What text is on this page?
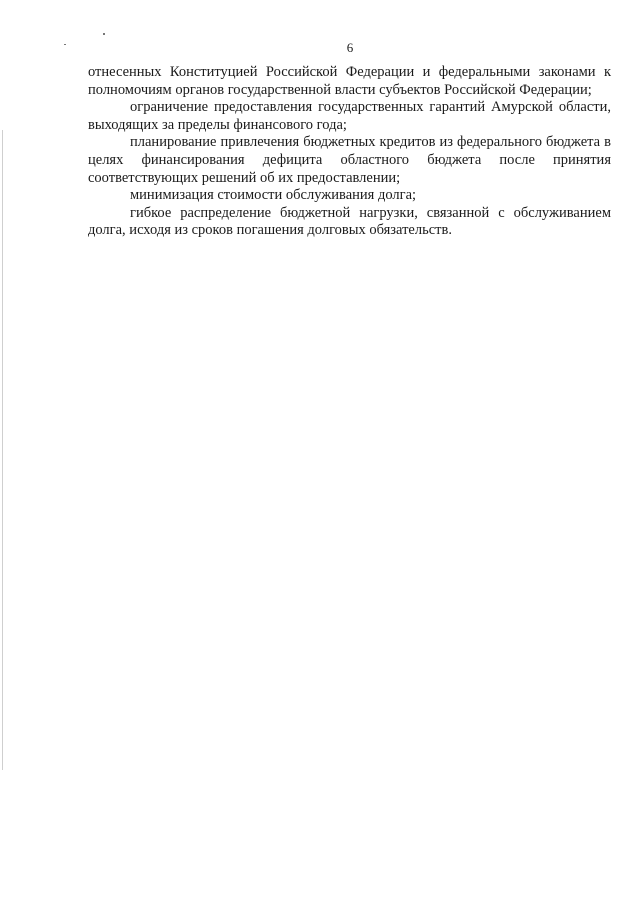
6

отнесенных Конституцией Российской Федерации и федеральными законами к полномочиям органов государственной власти субъектов Российской Федерации;

ограничение предоставления государственных гарантий Амурской области, выходящих за пределы финансового года;

планирование привлечения бюджетных кредитов из федерального бюджета в целях финансирования дефицита областного бюджета после принятия соответствующих решений об их предоставлении;

минимизация стоимости обслуживания долга;

гибкое распределение бюджетной нагрузки, связанной с обслуживанием долга, исходя из сроков погашения долговых обязательств.
